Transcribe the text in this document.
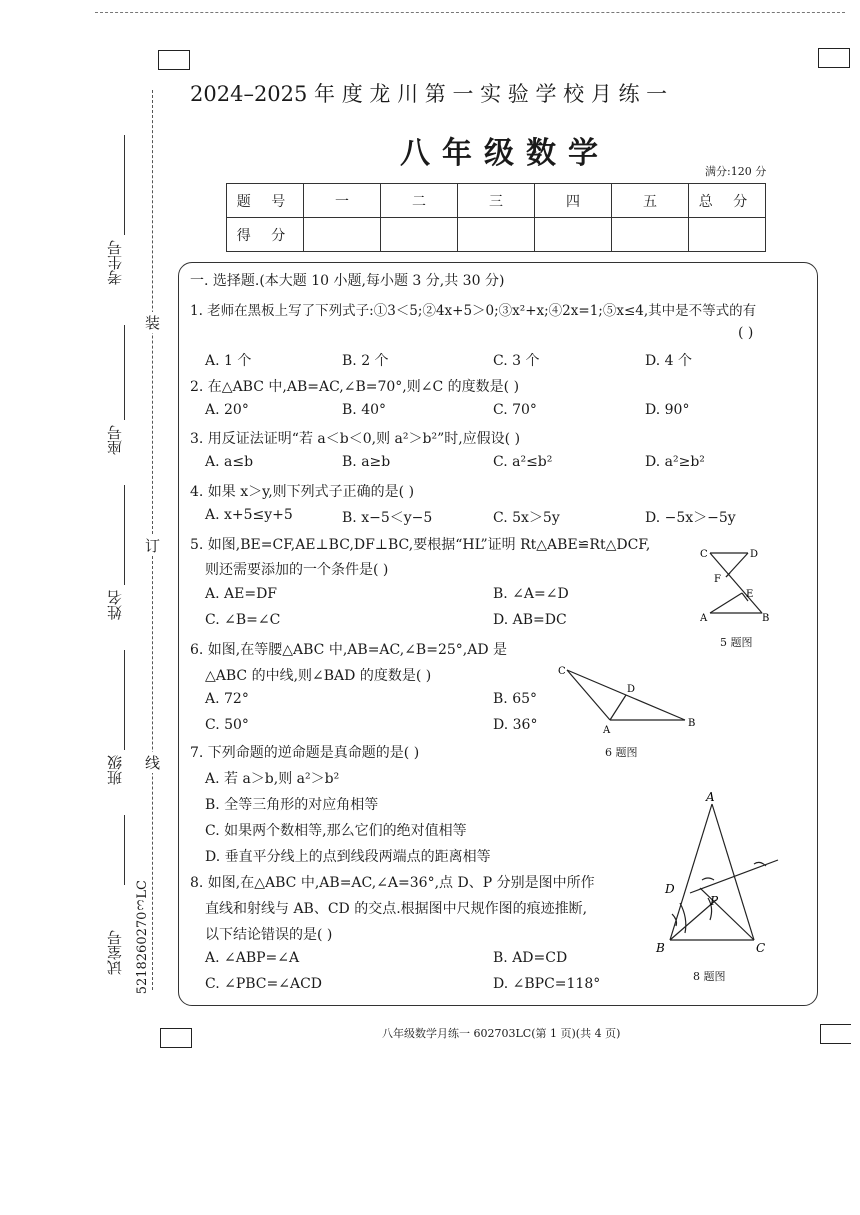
2024–2025 年 度 龙 川 第 一 实 验 学 校 月 练 一
八年级数学
满分:120 分
题 号	一	二	三	四	五	总 分
得 分						
装
订
线
考生号
座号
姓名
班级
试室号 5218260270３LC
一. 选择题.(本大题 10 小题,每小题 3 分,共 30 分)
1. 老师在黑板上写了下列式子:①3＜5;②4x+5＞0;③x²+x;④2x=1;⑤x≤4,其中是不等式的有
( )
A. 1 个	B. 2 个	C. 3 个	D. 4 个
2. 在△ABC 中,AB=AC,∠B=70°,则∠C 的度数是( )
A. 20°	B. 40°	C. 70°	D. 90°
3. 用反证法证明“若 a＜b＜0,则 a²＞b²”时,应假设( )
A. a≤b	B. a≥b	C. a²≤b²	D. a²≥b²
4. 如果 x＞y,则下列式子正确的是( )
A. x+5≤y+5	B. x−5＜y−5	C. 5x＞5y	D. −5x＞−5y
5. 如图,BE=CF,AE⊥BC,DF⊥BC,要根据“HL”证明 Rt△ABE≌Rt△DCF,
则还需要添加的一个条件是( )
A. AE=DF	B. ∠A=∠D
C. ∠B=∠C	D. AB=DC
C	D
F
E
A	B
5 题图
6. 如图,在等腰△ABC 中,AB=AC,∠B=25°,AD 是
△ABC 的中线,则∠BAD 的度数是( )
A. 72°	B. 65°
C. 50°	D. 36°
C
D
A
B
6 题图
7. 下列命题的逆命题是真命题的是( )
A. 若 a＞b,则 a²＞b²
B. 全等三角形的对应角相等
C. 如果两个数相等,那么它们的绝对值相等
D. 垂直平分线上的点到线段两端点的距离相等
8. 如图,在△ABC 中,AB=AC,∠A=36°,点 D、P 分别是图中所作
直线和射线与 AB、CD 的交点.根据图中尺规作图的痕迹推断,
以下结论错误的是( )
A. ∠ABP=∠A	B. AD=CD
C. ∠PBC=∠ACD	D. ∠BPC=118°
A
D
P
B	C
8 题图
八年级数学月练一 602703LC(第 1 页)(共 4 页)
